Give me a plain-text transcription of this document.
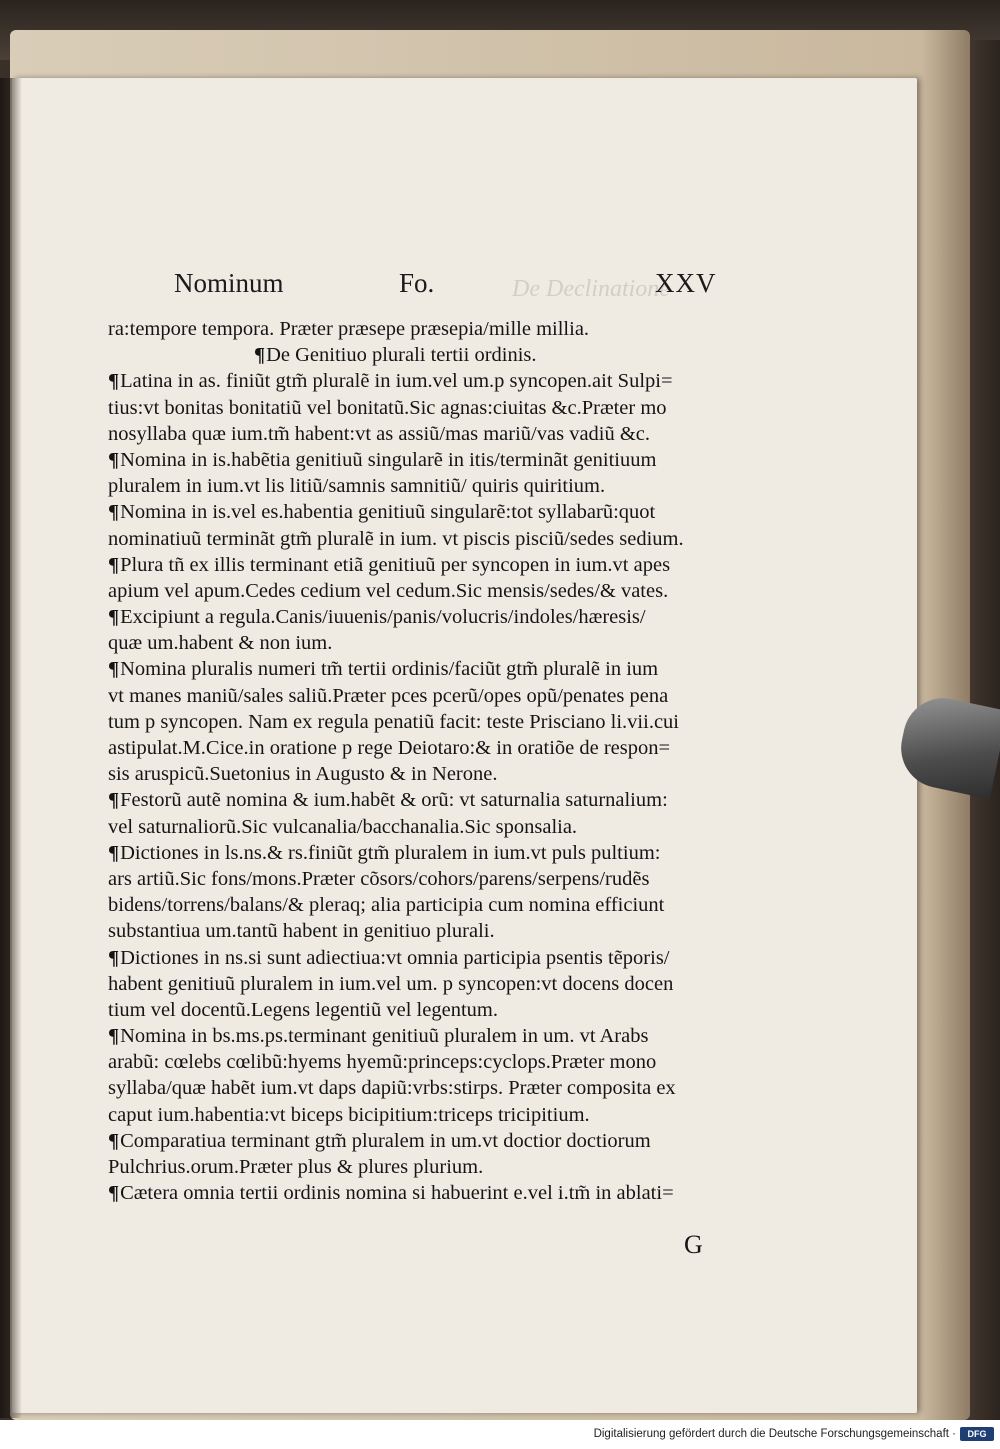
Nominum	Fo.	XXV
De Declinatione
ra:tempore tempora. Præter præsepe præsepia/mille millia.
¶De Genitiuo plurali tertii ordinis.
¶Latina in as. finiũt gtm̃ pluralẽ in ium.vel um.p syncopen.ait Sulpi=
tius:vt bonitas bonitatiũ vel bonitatũ.Sic agnas:ciuitas &c.Præter mo
nosyllaba quæ ium.tm̃ habent:vt as assiũ/mas mariũ/vas vadiũ &c.
¶Nomina in is.habẽtia genitiuũ singularẽ in itis/terminãt genitiuum
pluralem in ium.vt lis litiũ/samnis samnitiũ/ quiris quiritium.
¶Nomina in is.vel es.habentia genitiuũ singularẽ:tot syllabarũ:quot
nominatiuũ terminãt gtm̃ pluralẽ in ium. vt piscis pisciũ/sedes sedium.
¶Plura tñ ex illis terminant etiã genitiuũ per syncopen in ium.vt apes
apium vel apum.Cedes cedium vel cedum.Sic mensis/sedes/& vates.
¶Excipiunt a regula.Canis/iuuenis/panis/volucris/indoles/hæresis/
quæ um.habent & non ium.
¶Nomina pluralis numeri tm̃ tertii ordinis/faciũt gtm̃ pluralẽ in ium
vt manes maniũ/sales saliũ.Præter pces pcerũ/opes opũ/penates pena
tum p syncopen. Nam ex regula penatiũ facit: teste Prisciano li.vii.cui
astipulat.M.Cice.in oratione p rege Deiotaro:& in oratiõe de respon=
sis aruspicũ.Suetonius in Augusto & in Nerone.
¶Festorũ autẽ nomina & ium.habẽt & orũ: vt saturnalia saturnalium:
vel saturnaliorũ.Sic vulcanalia/bacchanalia.Sic sponsalia.
¶Dictiones in ls.ns.& rs.finiũt gtm̃ pluralem in ium.vt puls pultium:
ars artiũ.Sic fons/mons.Præter cõsors/cohors/parens/serpens/rudẽs
bidens/torrens/balans/& pleraq; alia participia cum nomina efficiunt
substantiua um.tantũ habent in genitiuo plurali.
¶Dictiones in ns.si sunt adiectiua:vt omnia participia psentis tẽporis/
habent genitiuũ pluralem in ium.vel um. p syncopen:vt docens docen
tium vel docentũ.Legens legentiũ vel legentum.
¶Nomina in bs.ms.ps.terminant genitiuũ pluralem in um. vt Arabs
arabũ: cœlebs cœlibũ:hyems hyemũ:princeps:cyclops.Præter mono
syllaba/quæ habẽt ium.vt daps dapiũ:vrbs:stirps. Præter composita ex
caput ium.habentia:vt biceps bicipitium:triceps tricipitium.
¶Comparatiua terminant gtm̃ pluralem in um.vt doctior doctiorum
Pulchrius.orum.Præter plus & plures plurium.
¶Cætera omnia tertii ordinis nomina si habuerint e.vel i.tm̃ in ablati=
G
Digitalisierung gefördert durch die Deutsche Forschungsgemeinschaft ·	DFG
